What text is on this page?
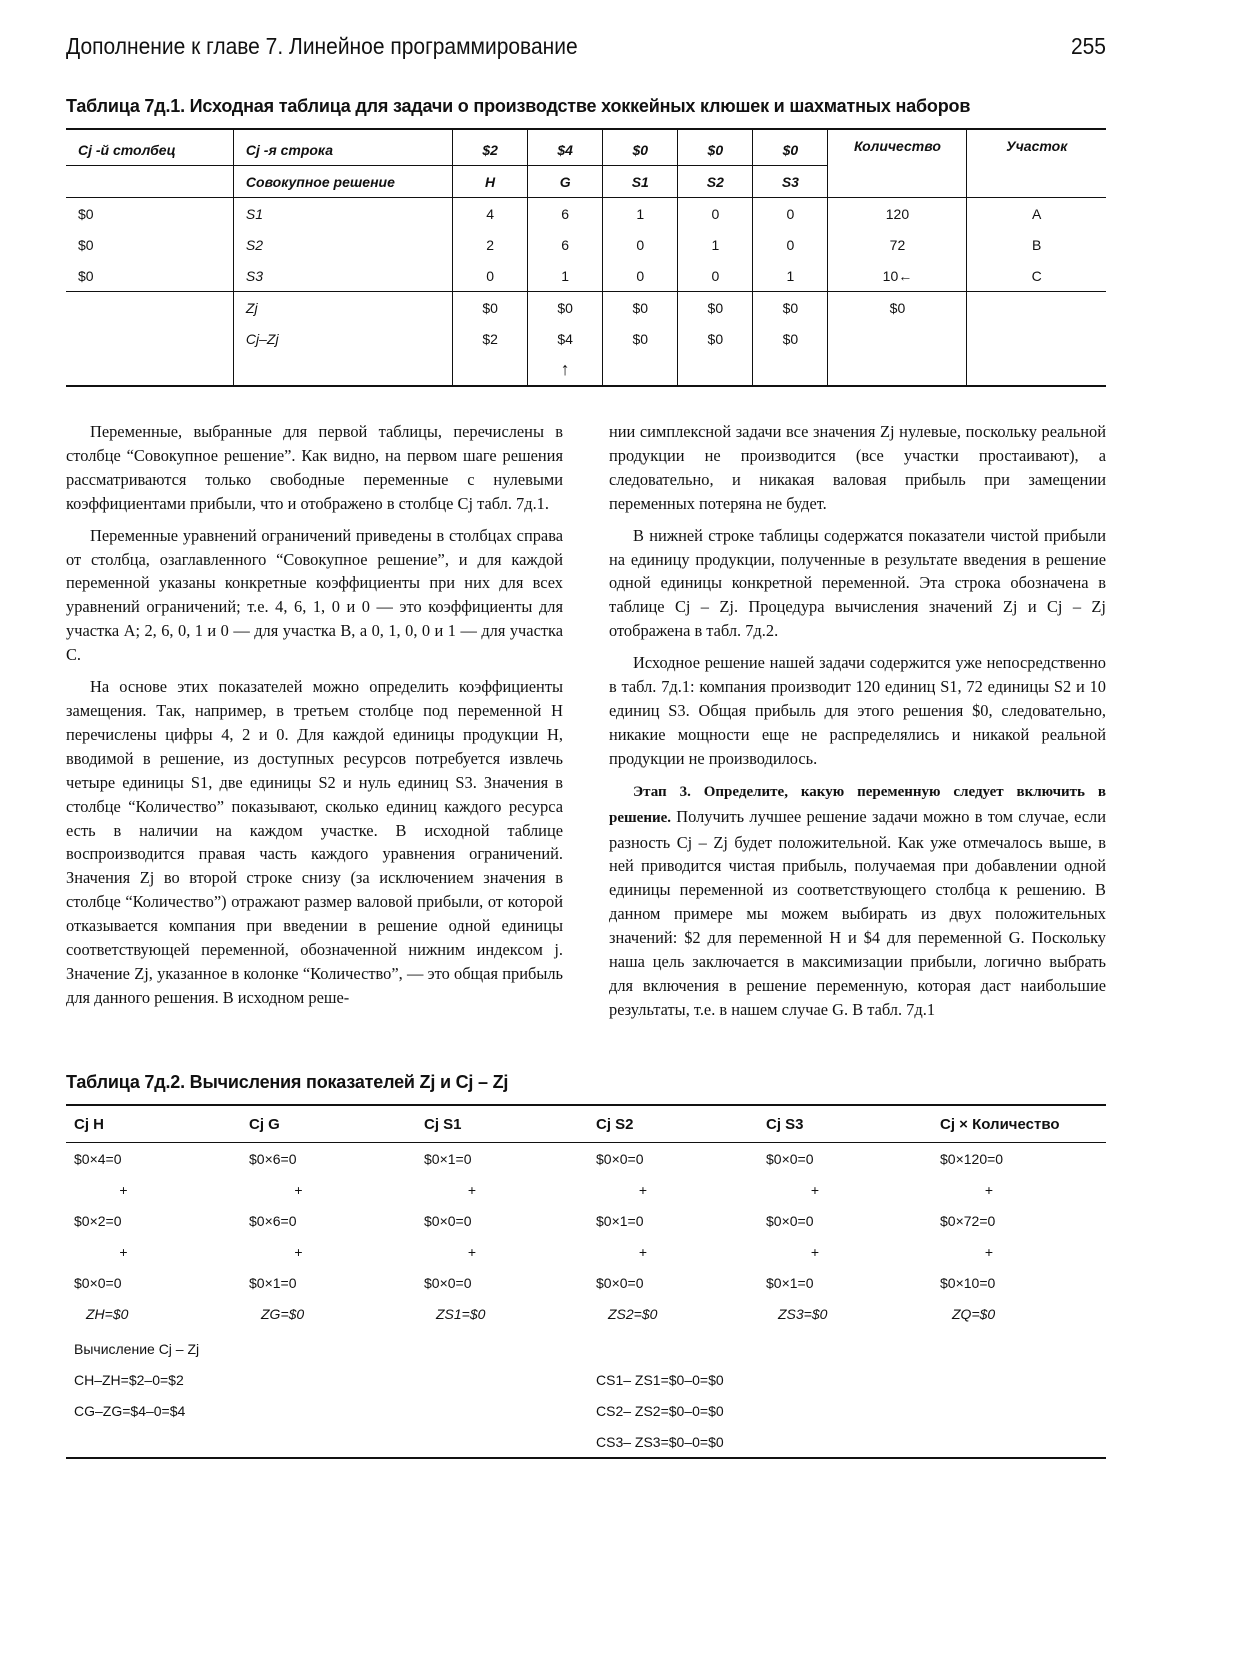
Дополнение к главе 7. Линейное программирование	255
Таблица 7д.1. Исходная таблица для задачи о производстве хоккейных клюшек и шахматных наборов
Cj -й столбец	Cj -я строка	$2	$4	$0	$0	$0	Количество	Участок
	Совокупное решение	H	G	S1	S2	S3		
$0	S1	4	6	1	0	0	120	A
$0	S2	2	6	0	1	0	72	B
$0	S3	0	1	0	0	1	10←	C
	Zj	$0	$0	$0	$0	$0	$0	
	Cj–Zj	$2	$4	$0	$0	$0		
			↑					

Переменные, выбранные для первой таблицы, перечислены в столбце “Совокупное решение”. Как видно, на первом шаге решения рассматриваются только свободные переменные с нулевыми коэффициентами прибыли, что и отображено в столбце Cj табл. 7д.1.

Переменные уравнений ограничений приведены в столбцах справа от столбца, озаглавленного “Совокупное решение”, и для каждой переменной указаны конкретные коэффициенты при них для всех уравнений ограничений; т.е. 4, 6, 1, 0 и 0 — это коэффициенты для участка A; 2, 6, 0, 1 и 0 — для участка B, а 0, 1, 0, 0 и 1 — для участка C.

На основе этих показателей можно определить коэффициенты замещения. Так, например, в третьем столбце под переменной H перечислены цифры 4, 2 и 0. Для каждой единицы продукции H, вводимой в решение, из доступных ресурсов потребуется извлечь четыре единицы S1, две единицы S2 и нуль единиц S3. Значения в столбце “Количество” показывают, сколько единиц каждого ресурса есть в наличии на каждом участке. В исходной таблице воспроизводится правая часть каждого уравнения ограничений. Значения Zj во второй строке снизу (за исключением значения в столбце “Количество”) отражают размер валовой прибыли, от которой отказывается компания при введении в решение одной единицы соответствующей переменной, обозначенной нижним индексом j. Значение Zj, указанное в колонке “Количество”, — это общая прибыль для данного решения. В исходном реше-

нии симплексной задачи все значения Zj нулевые, поскольку реальной продукции не производится (все участки простаивают), а следовательно, и никакая валовая прибыль при замещении переменных потеряна не будет.

В нижней строке таблицы содержатся показатели чистой прибыли на единицу продукции, полученные в результате введения в решение одной единицы конкретной переменной. Эта строка обозначена в таблице Cj – Zj. Процедура вычисления значений Zj и Cj – Zj отображена в табл. 7д.2.

Исходное решение нашей задачи содержится уже непосредственно в табл. 7д.1: компания производит 120 единиц S1, 72 единицы S2 и 10 единиц S3. Общая прибыль для этого решения $0, следовательно, никакие мощности еще не распределялись и никакой реальной продукции не производилось.

Этап 3. Определите, какую переменную следует включить в решение. Получить лучшее решение задачи можно в том случае, если разность Cj – Zj будет положительной. Как уже отмечалось выше, в ней приводится чистая прибыль, получаемая при добавлении одной единицы переменной из соответствующего столбца к решению. В данном примере мы можем выбирать из двух положительных значений: $2 для переменной H и $4 для переменной G. Поскольку наша цель заключается в максимизации прибыли, логично выбрать для включения в решение переменную, которая даст наибольшие результаты, т.е. в нашем случае G. В табл. 7д.1

Таблица 7д.2. Вычисления показателей Zj и Cj – Zj
Cj H	Cj G	Cj S1	Cj S2	Cj S3	Cj × Количество
$0×4=0	$0×6=0	$0×1=0	$0×0=0	$0×0=0	$0×120=0
+	+	+	+	+	+
$0×2=0	$0×6=0	$0×0=0	$0×1=0	$0×0=0	$0×72=0
+	+	+	+	+	+
$0×0=0	$0×1=0	$0×0=0	$0×0=0	$0×1=0	$0×10=0
ZH=$0	ZG=$0	ZS1=$0	ZS2=$0	ZS3=$0	ZQ=$0
Вычисление Cj – Zj					
CH–ZH=$2–0=$2			CS1– ZS1=$0–0=$0		
CG–ZG=$4–0=$4			CS2– ZS2=$0–0=$0		
			CS3– ZS3=$0–0=$0		
